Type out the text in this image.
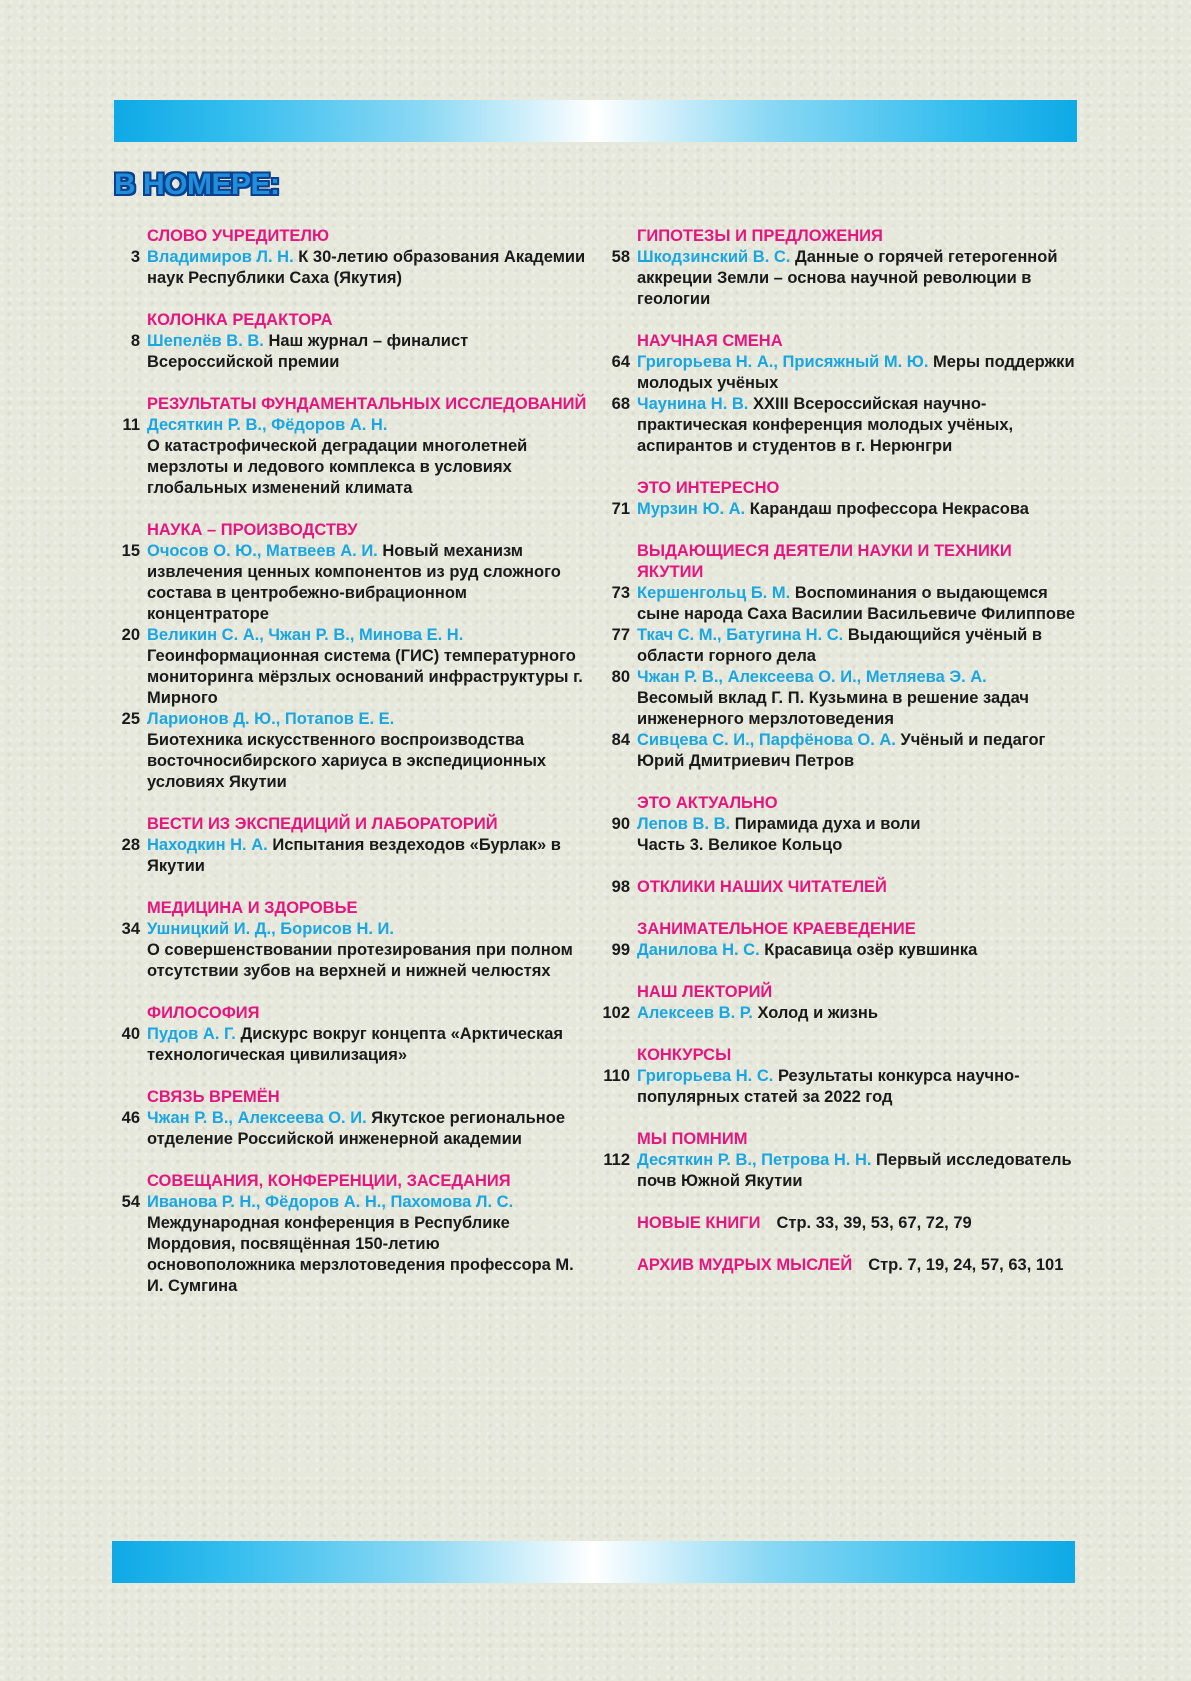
В НОМЕРЕ:
СЛОВО УЧРЕДИТЕЛЮ
3 Владимиров Л. Н. К 30-летию образования Академии наук Республики Саха (Якутия)
КОЛОНКА РЕДАКТОРА
8 Шепелёв В. В. Наш журнал – финалист Всероссийской премии
РЕЗУЛЬТАТЫ ФУНДАМЕНТАЛЬНЫХ ИССЛЕДОВАНИЙ
11 Десяткин Р. В., Фёдоров А. Н.
О катастрофической деградации многолетней мерзлоты и ледового комплекса в условиях глобальных изменений климата
НАУКА – ПРОИЗВОДСТВУ
15 Очосов О. Ю., Матвеев А. И. Новый механизм извлечения ценных компонентов из руд сложного состава в центробежно-вибрационном концентраторе
20 Великин С. А., Чжан Р. В., Минова Е. Н.
Геоинформационная система (ГИС) температурного мониторинга мёрзлых оснований инфраструктуры г. Мирного
25 Ларионов Д. Ю., Потапов Е. Е.
Биотехника искусственного воспроизводства восточносибирского хариуса в экспедиционных условиях Якутии
ВЕСТИ ИЗ ЭКСПЕДИЦИЙ И ЛАБОРАТОРИЙ
28 Находкин Н. А. Испытания вездеходов «Бурлак» в Якутии
МЕДИЦИНА И ЗДОРОВЬЕ
34 Ушницкий И. Д., Борисов Н. И.
О совершенствовании протезирования при полном отсутствии зубов на верхней и нижней челюстях
ФИЛОСОФИЯ
40 Пудов А. Г. Дискурс вокруг концепта «Арктическая технологическая цивилизация»
СВЯЗЬ ВРЕМЁН
46 Чжан Р. В., Алексеева О. И. Якутское региональное отделение Российской инженерной академии
СОВЕЩАНИЯ, КОНФЕРЕНЦИИ, ЗАСЕДАНИЯ
54 Иванова Р. Н., Фёдоров А. Н., Пахомова Л. С.
Международная конференция в Республике Мордовия, посвящённая 150-летию основоположника мерзлотоведения профессора М. И. Сумгина
ГИПОТЕЗЫ И ПРЕДЛОЖЕНИЯ
58 Шкодзинский В. С. Данные о горячей гетерогенной аккреции Земли – основа научной революции в геологии
НАУЧНАЯ СМЕНА
64 Григорьева Н. А., Присяжный М. Ю. Меры поддержки молодых учёных
68 Чаунина Н. В. XXIII Всероссийская научно-практическая конференция молодых учёных, аспирантов и студентов в г. Нерюнгри
ЭТО ИНТЕРЕСНО
71 Мурзин Ю. А. Карандаш профессора Некрасова
ВЫДАЮЩИЕСЯ ДЕЯТЕЛИ НАУКИ И ТЕХНИКИ ЯКУТИИ
73 Кершенгольц Б. М. Воспоминания о выдающемся сыне народа Саха Василии Васильевиче Филиппове
77 Ткач С. М., Батугина Н. С. Выдающийся учёный в области горного дела
80 Чжан Р. В., Алексеева О. И., Метляева Э. А.
Весомый вклад Г. П. Кузьмина в решение задач инженерного мерзлотоведения
84 Сивцева С. И., Парфёнова О. А. Учёный и педагог Юрий Дмитриевич Петров
ЭТО АКТУАЛЬНО
90 Лепов В. В. Пирамида духа и воли
Часть 3. Великое Кольцо
98 ОТКЛИКИ НАШИХ ЧИТАТЕЛЕЙ
ЗАНИМАТЕЛЬНОЕ КРАЕВЕДЕНИЕ
99 Данилова Н. С. Красавица озёр кувшинка
НАШ ЛЕКТОРИЙ
102 Алексеев В. Р. Холод и жизнь
КОНКУРСЫ
110 Григорьева Н. С. Результаты конкурса научно-популярных статей за 2022 год
МЫ ПОМНИМ
112 Десяткин Р. В., Петрова Н. Н. Первый исследователь почв Южной Якутии
НОВЫЕ КНИГИ Стр. 33, 39, 53, 67, 72, 79
АРХИВ МУДРЫХ МЫСЛЕЙ Стр. 7, 19, 24, 57, 63, 101
